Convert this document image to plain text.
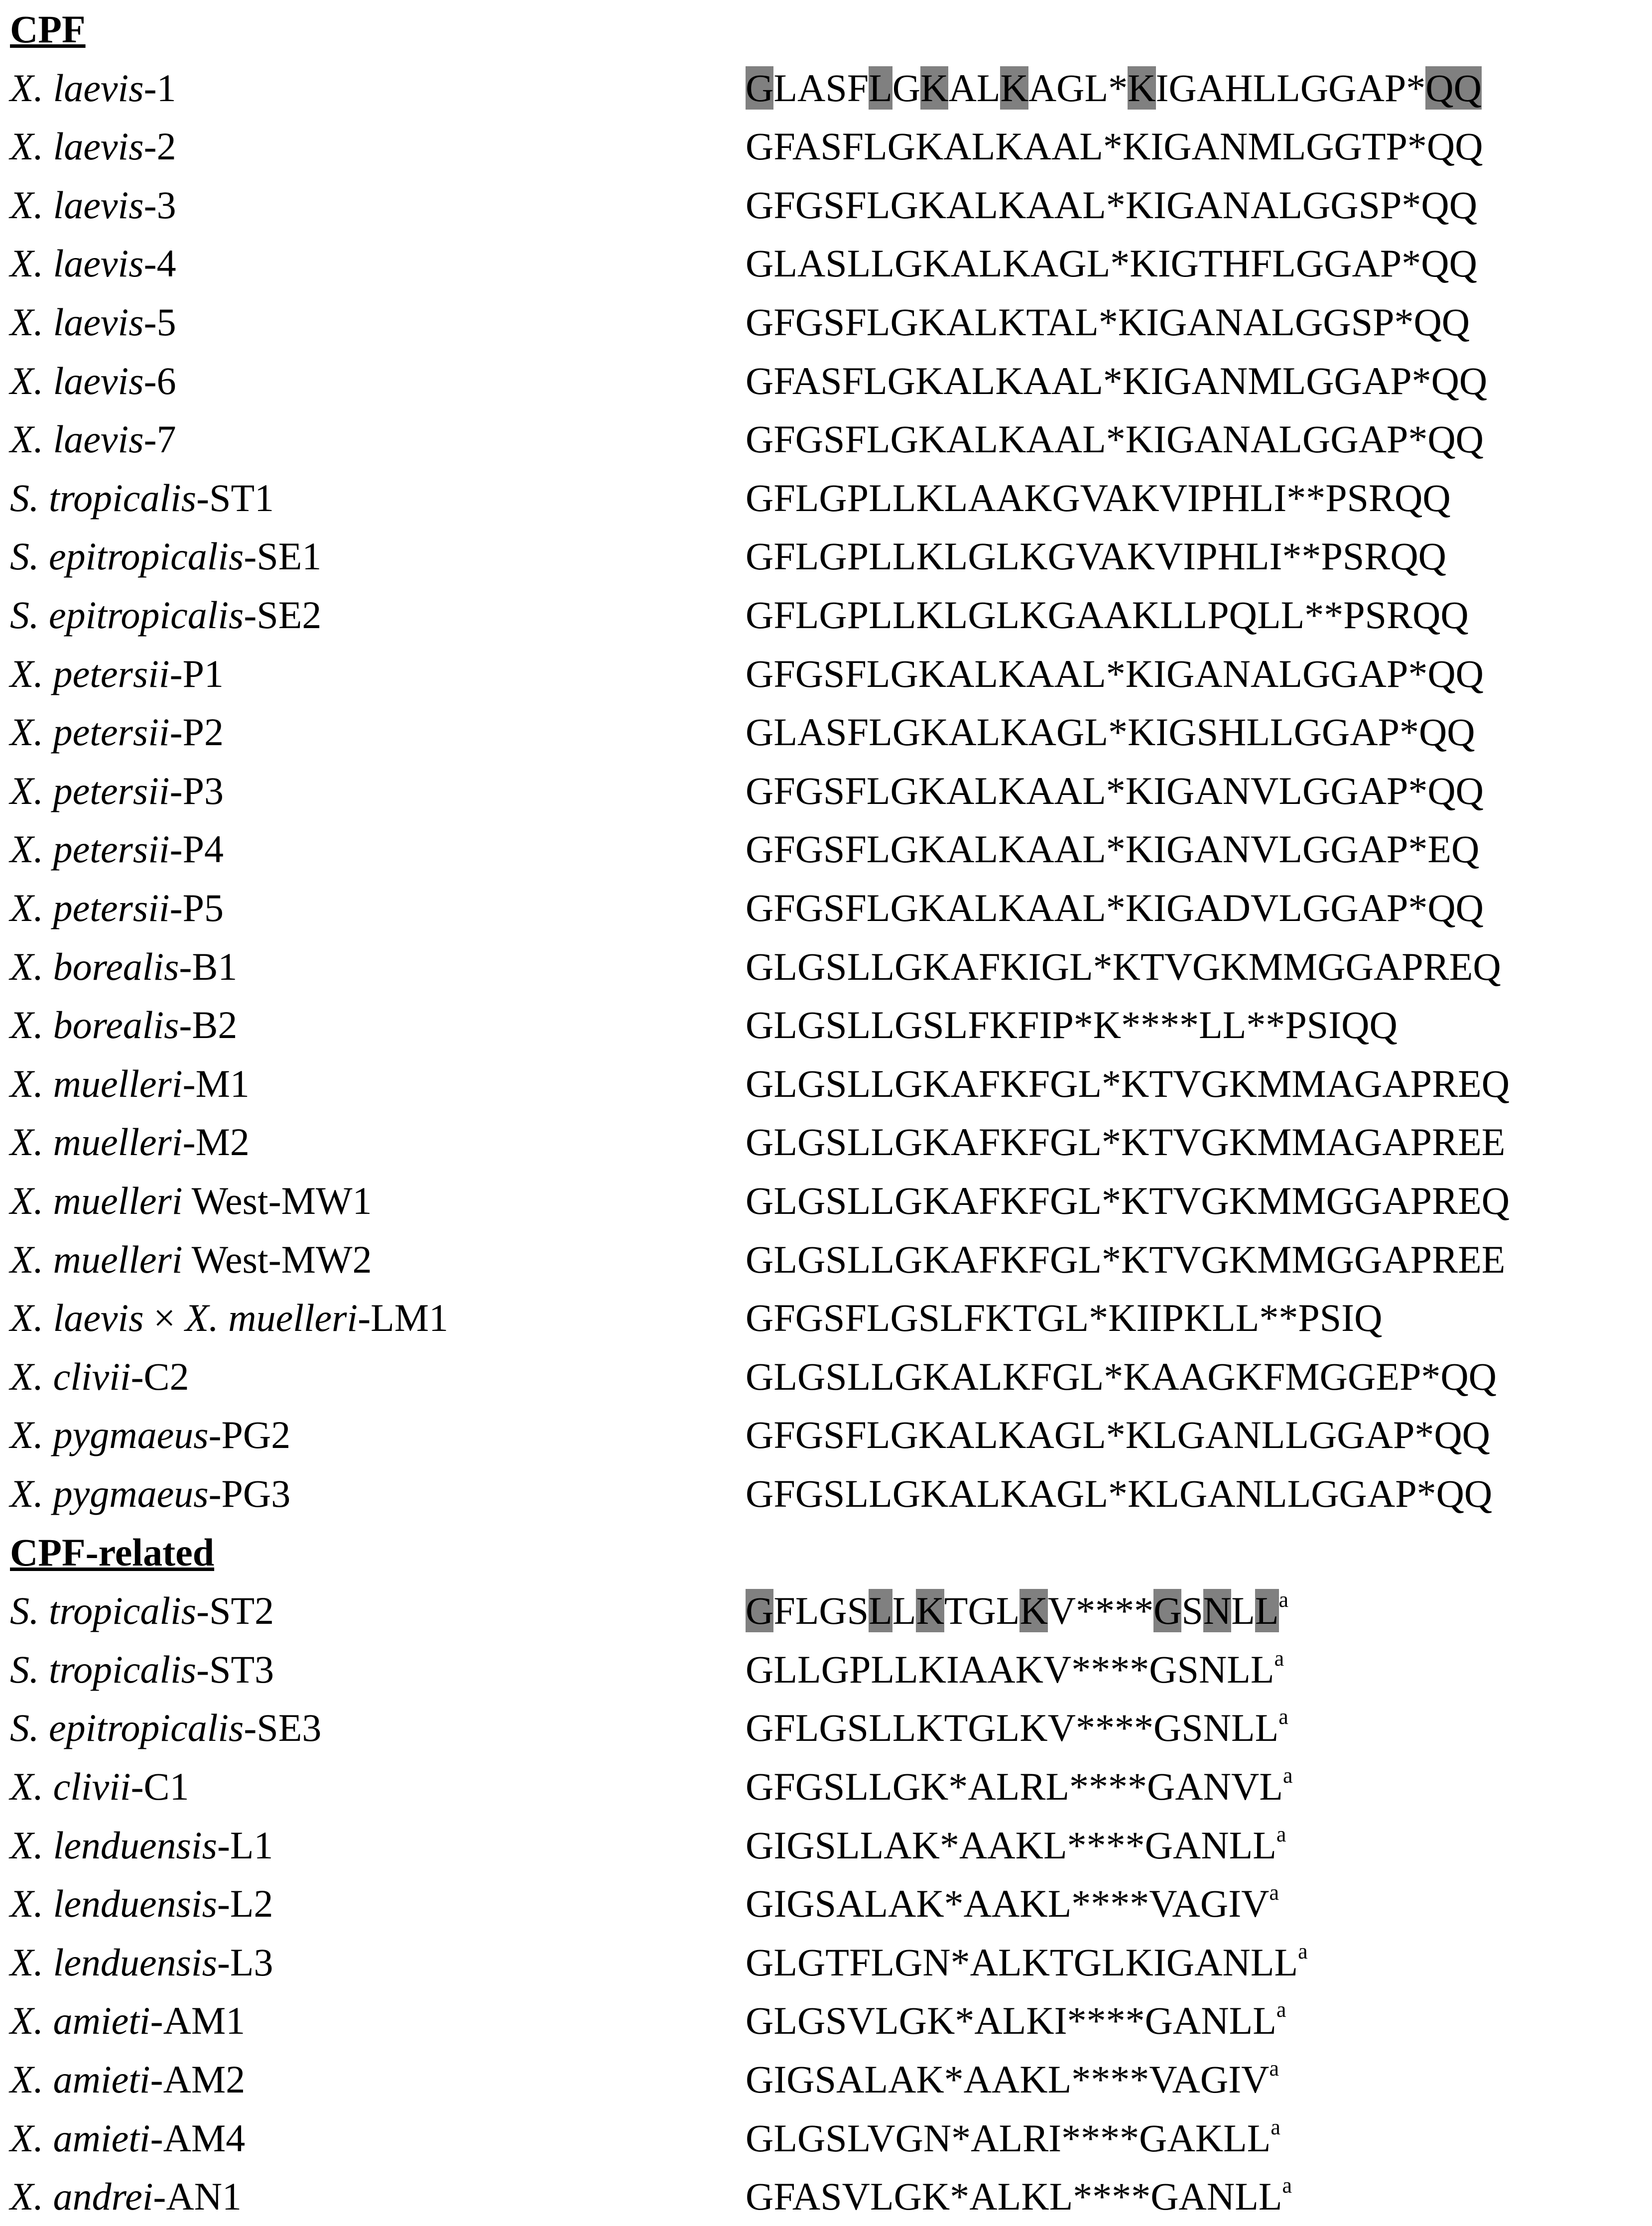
CPF
X. laevis-1	GLASFLGKALKAGL*KIGAHLLGGAP*QQ
X. laevis-2	GFASFLGKALKAAL*KIGANMLGGTP*QQ
X. laevis-3	GFGSFLGKALKAAL*KIGANALGGSP*QQ
X. laevis-4	GLASLLGKALKAGL*KIGTHFLGGAP*QQ
X. laevis-5	GFGSFLGKALKTAL*KIGANALGGSP*QQ
X. laevis-6	GFASFLGKALKAAL*KIGANMLGGAP*QQ
X. laevis-7	GFGSFLGKALKAAL*KIGANALGGAP*QQ
S. tropicalis-ST1	GFLGPLLKLAAKGVAKVIPHLI**PSRQQ
S. epitropicalis-SE1	GFLGPLLKLGLKGVAKVIPHLI**PSRQQ
S. epitropicalis-SE2	GFLGPLLKLGLKGAAKLLPQLL**PSRQQ
X. petersii-P1	GFGSFLGKALKAAL*KIGANALGGAP*QQ
X. petersii-P2	GLASFLGKALKAGL*KIGSHLLGGAP*QQ
X. petersii-P3	GFGSFLGKALKAAL*KIGANVLGGAP*QQ
X. petersii-P4	GFGSFLGKALKAAL*KIGANVLGGAP*EQ
X. petersii-P5	GFGSFLGKALKAAL*KIGADVLGGAP*QQ
X. borealis-B1	GLGSLLGKAFKIGL*KTVGKMMGGAPREQ
X. borealis-B2	GLGSLLGSLFKFIP*K****LL**PSIQQ
X. muelleri-M1	GLGSLLGKAFKFGL*KTVGKMMAGAPREQ
X. muelleri-M2	GLGSLLGKAFKFGL*KTVGKMMAGAPREE
X. muelleri West-MW1	GLGSLLGKAFKFGL*KTVGKMMGGAPREQ
X. muelleri West-MW2	GLGSLLGKAFKFGL*KTVGKMMGGAPREE
X. laevis × X. muelleri-LM1	GFGSFLGSLFKTGL*KIIPKLL**PSIQ
X. clivii-C2	GLGSLLGKALKFGL*KAAGKFMGGEP*QQ
X. pygmaeus-PG2	GFGSFLGKALKAGL*KLGANLLGGAP*QQ
X. pygmaeus-PG3	GFGSLLGKALKAGL*KLGANLLGGAP*QQ
CPF-related
S. tropicalis-ST2	GFLGSLLKTGLKV****GSNLL$^a$
S. tropicalis-ST3	GLLGPLLKIAAKV****GSNLL$^a$
S. epitropicalis-SE3	GFLGSLLKTGLKV****GSNLL$^a$
X. clivii-C1	GFGSLLGK*ALRL****GANVL$^a$
X. lenduensis-L1	GIGSLLAK*AAKL****GANLL$^a$
X. lenduensis-L2	GIGSALAK*AAKL****VAGIV$^a$
X. lenduensis-L3	GLGTFLGN*ALKTGLKIGANLL$^a$
X. amieti-AM1	GLGSVLGK*ALKI****GANLL$^a$
X. amieti-AM2	GIGSALAK*AAKL****VAGIV$^a$
X. amieti-AM4	GLGSLVGN*ALRI****GAKLL$^a$
X. andrei-AN1	GFASVLGK*ALKL****GANLL$^a$
